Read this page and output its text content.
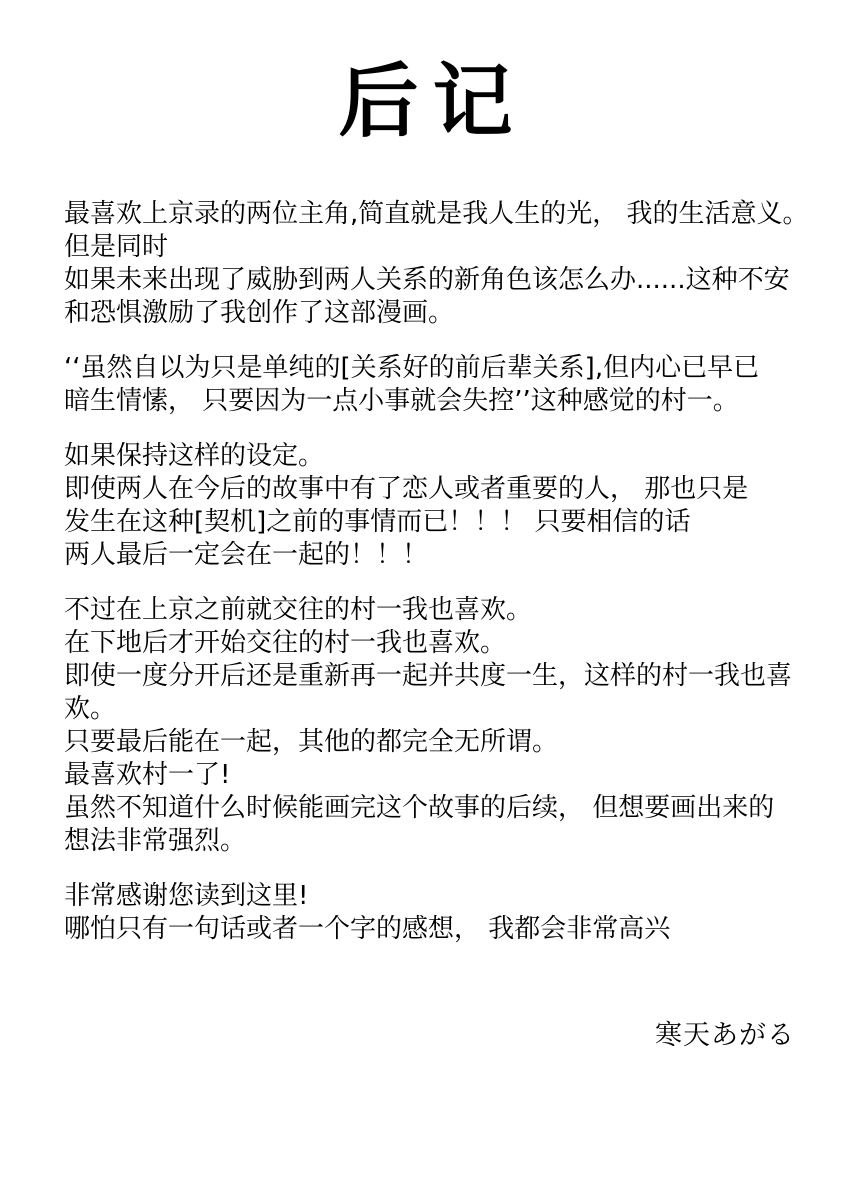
后记

最喜欢上京录的两位主角,简直就是我人生的光， 我的生活意义。

但是同时

如果未来出现了威胁到两人关系的新角色该怎么办......这种不安

和恐惧激励了我创作了这部漫画。

‘‘虽然自以为只是单纯的[关系好的前后辈关系],但内心已早已

暗生情愫， 只要因为一点小事就会失控’’这种感觉的村一。

如果保持这样的设定。

即使两人在今后的故事中有了恋人或者重要的人， 那也只是

发生在这种[契机]之前的事情而已！！！ 只要相信的话

两人最后一定会在一起的！！！

不过在上京之前就交往的村一我也喜欢。

在下地后才开始交往的村一我也喜欢。

即使一度分开后还是重新再一起并共度一生，这样的村一我也喜欢。

只要最后能在一起，其他的都完全无所谓。

最喜欢村一了!

虽然不知道什么时候能画完这个故事的后续， 但想要画出来的

想法非常强烈。

非常感谢您读到这里!

哪怕只有一句话或者一个字的感想， 我都会非常高兴

寒天あがる
